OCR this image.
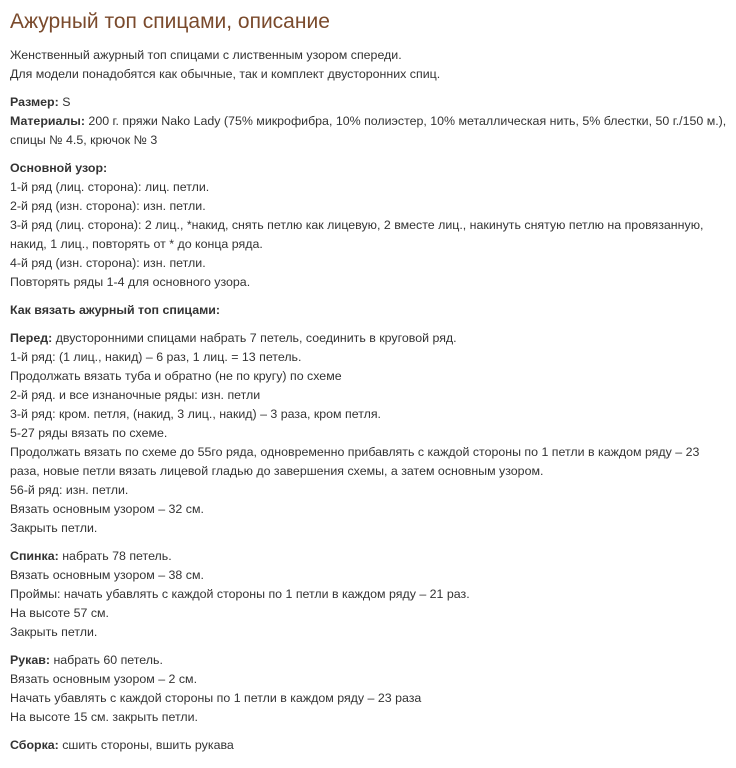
Ажурный топ спицами, описание
Женственный ажурный топ спицами с лиственным узором спереди.
Для модели понадобятся как обычные, так и комплект двусторонних спиц.
Размер: S
Материалы: 200 г. пряжи Nako Lady (75% микрофибра, 10% полиэстер, 10% металлическая нить, 5% блестки, 50 г./150 м.), спицы № 4.5, крючок № 3
Основной узор:
1-й ряд (лиц. сторона): лиц. петли.
2-й ряд (изн. сторона): изн. петли.
3-й ряд (лиц. сторона): 2 лиц., *накид, снять петлю как лицевую, 2 вместе лиц., накинуть снятую петлю на провязанную, накид, 1 лиц., повторять от * до конца ряда.
4-й ряд (изн. сторона): изн. петли.
Повторять ряды 1-4 для основного узора.
Как вязать ажурный топ спицами:
Перед: двусторонними спицами набрать 7 петель, соединить в круговой ряд.
1-й ряд: (1 лиц., накид) – 6 раз, 1 лиц. = 13 петель.
Продолжать вязать туба и обратно (не по кругу) по схеме
2-й ряд. и все изнаночные ряды: изн. петли
3-й ряд: кром. петля, (накид, 3 лиц., накид) – 3 раза, кром петля.
5-27 ряды вязать по схеме.
Продолжать вязать по схеме до 55го ряда, одновременно прибавлять с каждой стороны по 1 петли в каждом ряду – 23 раза, новые петли вязать лицевой гладью до завершения схемы, а затем основным узором.
56-й ряд: изн. петли.
Вязать основным узором – 32 см.
Закрыть петли.
Спинка: набрать 78 петель.
Вязать основным узором – 38 см.
Проймы: начать убавлять с каждой стороны по 1 петли в каждом ряду – 21 раз.
На высоте 57 см.
Закрыть петли.
Рукав: набрать 60 петель.
Вязать основным узором – 2 см.
Начать убавлять с каждой стороны по 1 петли в каждом ряду – 23 раза
На высоте 15 см. закрыть петли.
Сборка: сшить стороны, вшить рукава
